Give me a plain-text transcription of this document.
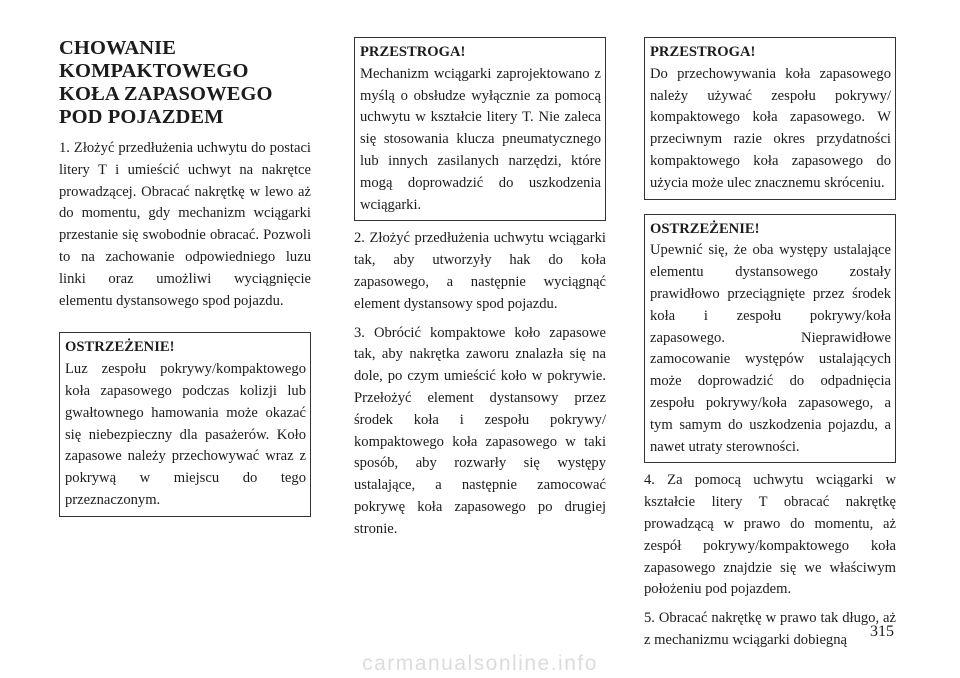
CHOWANIE KOMPAKTOWEGO KOŁA ZAPASOWEGO POD POJAZDEM

1. Złożyć przedłużenia uchwytu do postaci litery T i umieścić uchwyt na nakrętce prowadzącej. Obracać nakrętkę w lewo aż do momentu, gdy mechanizm wciągarki przestanie się swobodnie obracać. Pozwoli to na zachowanie odpowiedniego luzu linki oraz umożliwi wyciągnięcie elementu dystansowego spod pojazdu.

OSTRZEŻENIE!

Luz zespołu pokrywy/kompaktowego koła zapasowego podczas kolizji lub gwałtownego hamowania może okazać się niebezpieczny dla pasażerów. Koło zapasowe należy przechowywać wraz z pokrywą w miejscu do tego przeznaczonym.

PRZESTROGA!

Mechanizm wciągarki zaprojektowano z myślą o obsłudze wyłącznie za pomocą uchwytu w kształcie litery T. Nie zaleca się stosowania klucza pneumatycznego lub innych zasilanych narzędzi, które mogą doprowadzić do uszkodzenia wciągarki.

2. Złożyć przedłużenia uchwytu wciągarki tak, aby utworzyły hak do koła zapasowego, a następnie wyciągnąć element dystansowy spod pojazdu.

3. Obrócić kompaktowe koło zapasowe tak, aby nakrętka zaworu znalazła się na dole, po czym umieścić koło w pokrywie. Przełożyć element dystansowy przez środek koła i zespołu pokrywy/ kompaktowego koła zapasowego w taki sposób, aby rozwarły się występy ustalające, a następnie zamocować pokrywę koła zapasowego po drugiej stronie.

PRZESTROGA!

Do przechowywania koła zapasowego należy używać zespołu pokrywy/ kompaktowego koła zapasowego. W przeciwnym razie okres przydatności kompaktowego koła zapasowego do użycia może ulec znacznemu skróceniu.

OSTRZEŻENIE!

Upewnić się, że oba występy ustalające elementu dystansowego zostały prawidłowo przeciągnięte przez środek koła i zespołu pokrywy/koła zapasowego. Nieprawidłowe zamocowanie występów ustalających może doprowadzić do odpadnięcia zespołu pokrywy/koła zapasowego, a tym samym do uszkodzenia pojazdu, a nawet utraty sterowności.

4. Za pomocą uchwytu wciągarki w kształcie litery T obracać nakrętkę prowadzącą w prawo do momentu, aż zespół pokrywy/kompaktowego koła zapasowego znajdzie się we właściwym położeniu pod pojazdem.

5. Obracać nakrętkę w prawo tak długo, aż z mechanizmu wciągarki dobiegną	315
carmanualsonline.info
